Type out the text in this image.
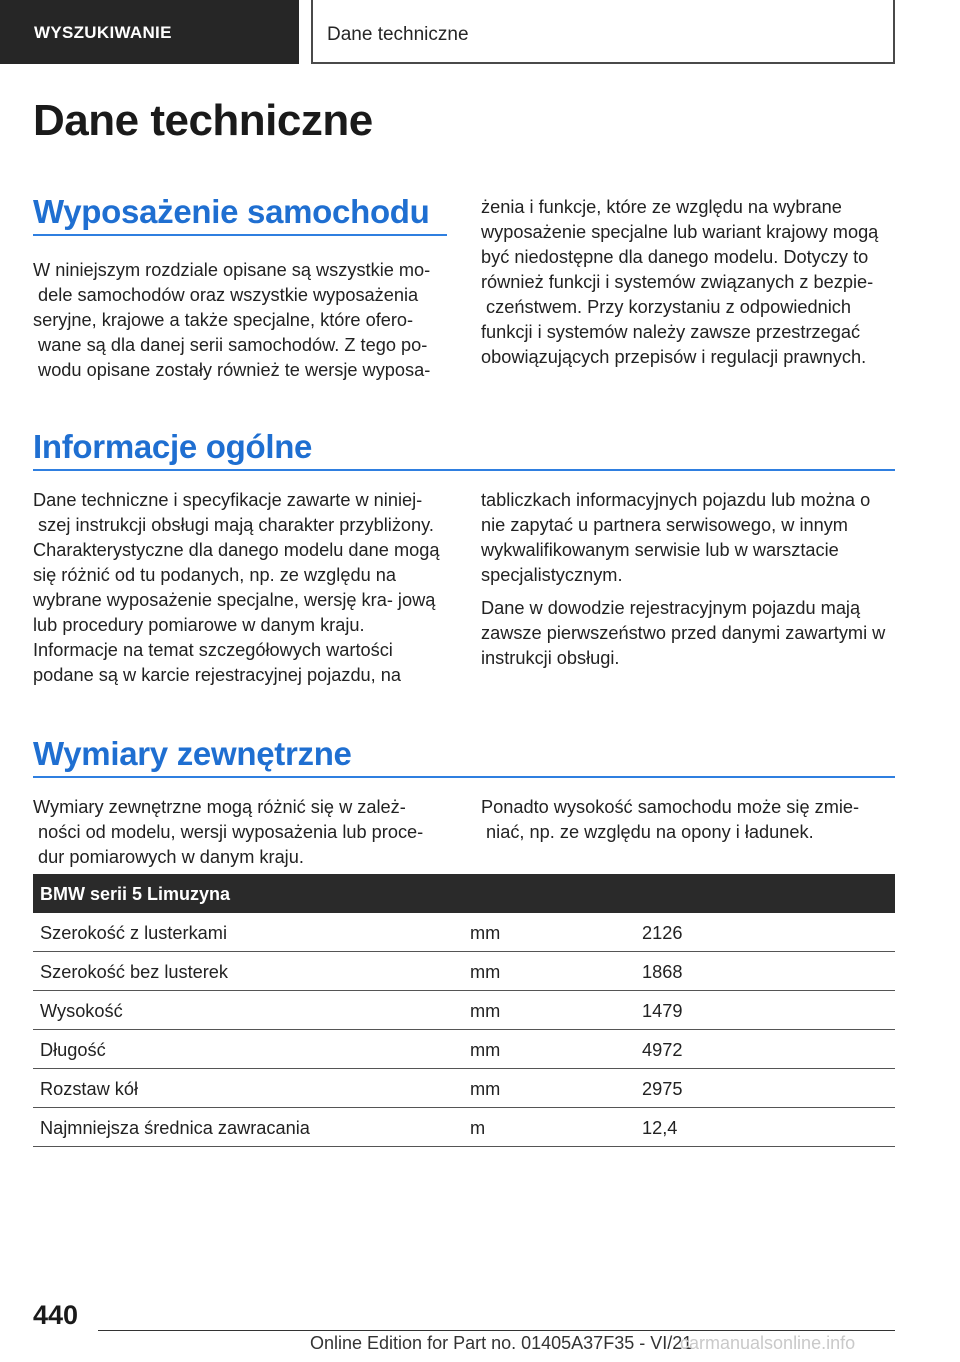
WYSZUKIWANIE	Dane techniczne
Dane techniczne
Wyposażenie samochodu

W niniejszym rozdziale opisane są wszystkie mo‐ dele samochodów oraz wszystkie wyposażenia seryjne, krajowe a także specjalne, które ofero‐ wane są dla danej serii samochodów. Z tego po‐ wodu opisane zostały również te wersje wyposa‐

żenia i funkcje, które ze względu na wybrane wyposażenie specjalne lub wariant krajowy mogą być niedostępne dla danego modelu. Dotyczy to również funkcji i systemów związanych z bezpie‐ czeństwem. Przy korzystaniu z odpowiednich funkcji i systemów należy zawsze przestrzegać obowiązujących przepisów i regulacji prawnych.

Informacje ogólne

Dane techniczne i specyfikacje zawarte w niniej‐ szej instrukcji obsługi mają charakter przybliżony. Charakterystyczne dla danego modelu dane mogą się różnić od tu podanych, np. ze względu na wybrane wyposażenie specjalne, wersję kra‐ jową lub procedury pomiarowe w danym kraju. Informacje na temat szczegółowych wartości podane są w karcie rejestracyjnej pojazdu, na

tabliczkach informacyjnych pojazdu lub można o nie zapytać u partnera serwisowego, w innym wykwalifikowanym serwisie lub w warsztacie specjalistycznym.

Dane w dowodzie rejestracyjnym pojazdu mają zawsze pierwszeństwo przed danymi zawartymi w instrukcji obsługi.

Wymiary zewnętrzne

Wymiary zewnętrzne mogą różnić się w zależ‐ ności od modelu, wersji wyposażenia lub proce‐ dur pomiarowych w danym kraju.

Ponadto wysokość samochodu może się zmie‐ niać, np. ze względu na opony i ładunek.

BMW serii 5 Limuzyna
Szerokość z lusterkami	mm	2126
Szerokość bez lusterek	mm	1868
Wysokość	mm	1479
Długość	mm	4972
Rozstaw kół	mm	2975
Najmniejsza średnica zawracania	m	12,4
440
Online Edition for Part no. 01405A37F35 - VI/21
carmanualsonline.info
